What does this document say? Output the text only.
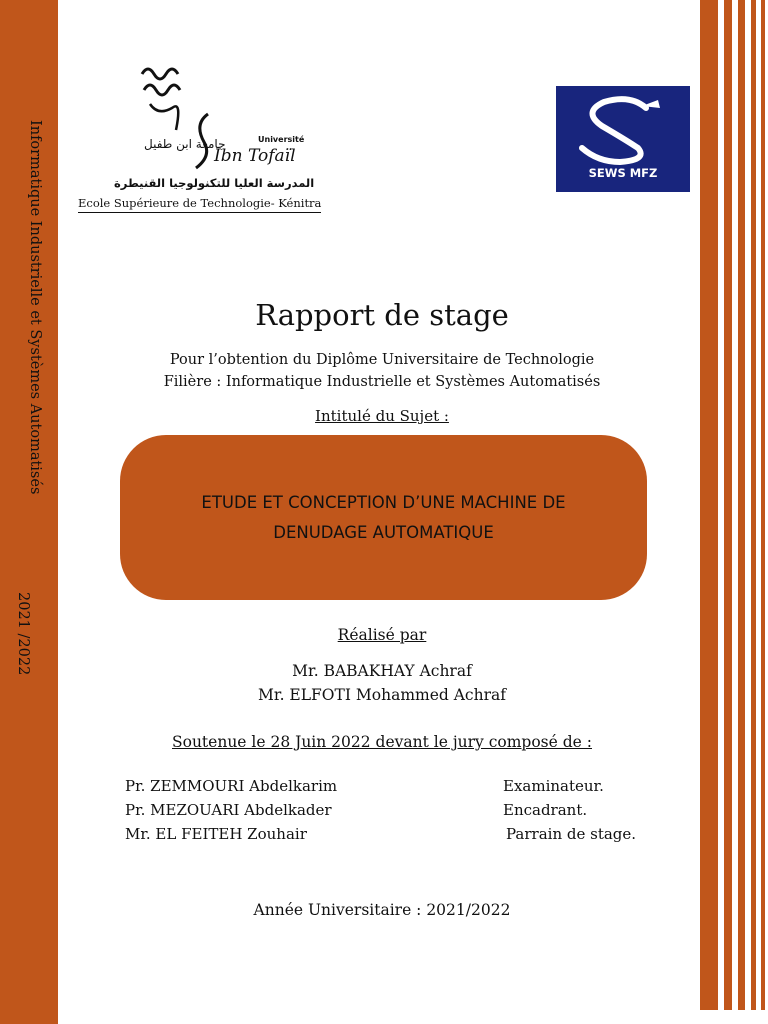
Informatique Industrielle et Systèmes Automatisés
2021 /2022
جامعة ابن طفيل	Université
Ibn Tofaïl
المدرسة العليا للتكنولوجيا القنيطرة
Ecole Supérieure de Technologie- Kénitra
SEWS MFZ
Rapport de stage
Pour l’obtention du Diplôme Universitaire de Technologie
Filière : Informatique Industrielle et Systèmes Automatisés
Intitulé du Sujet :
ETUDE ET CONCEPTION D’UNE MACHINE DE
DENUDAGE AUTOMATIQUE
Réalisé par
Mr. BABAKHAY Achraf
Mr. ELFOTI Mohammed Achraf
Soutenue le 28 Juin 2022 devant le jury composé de :
Pr. ZEMMOURI Abdelkarim	Examinateur.
Pr. MEZOUARI Abdelkader	Encadrant.
Mr. EL FEITEH Zouhair	Parrain de stage.
Année Universitaire : 2021/2022
